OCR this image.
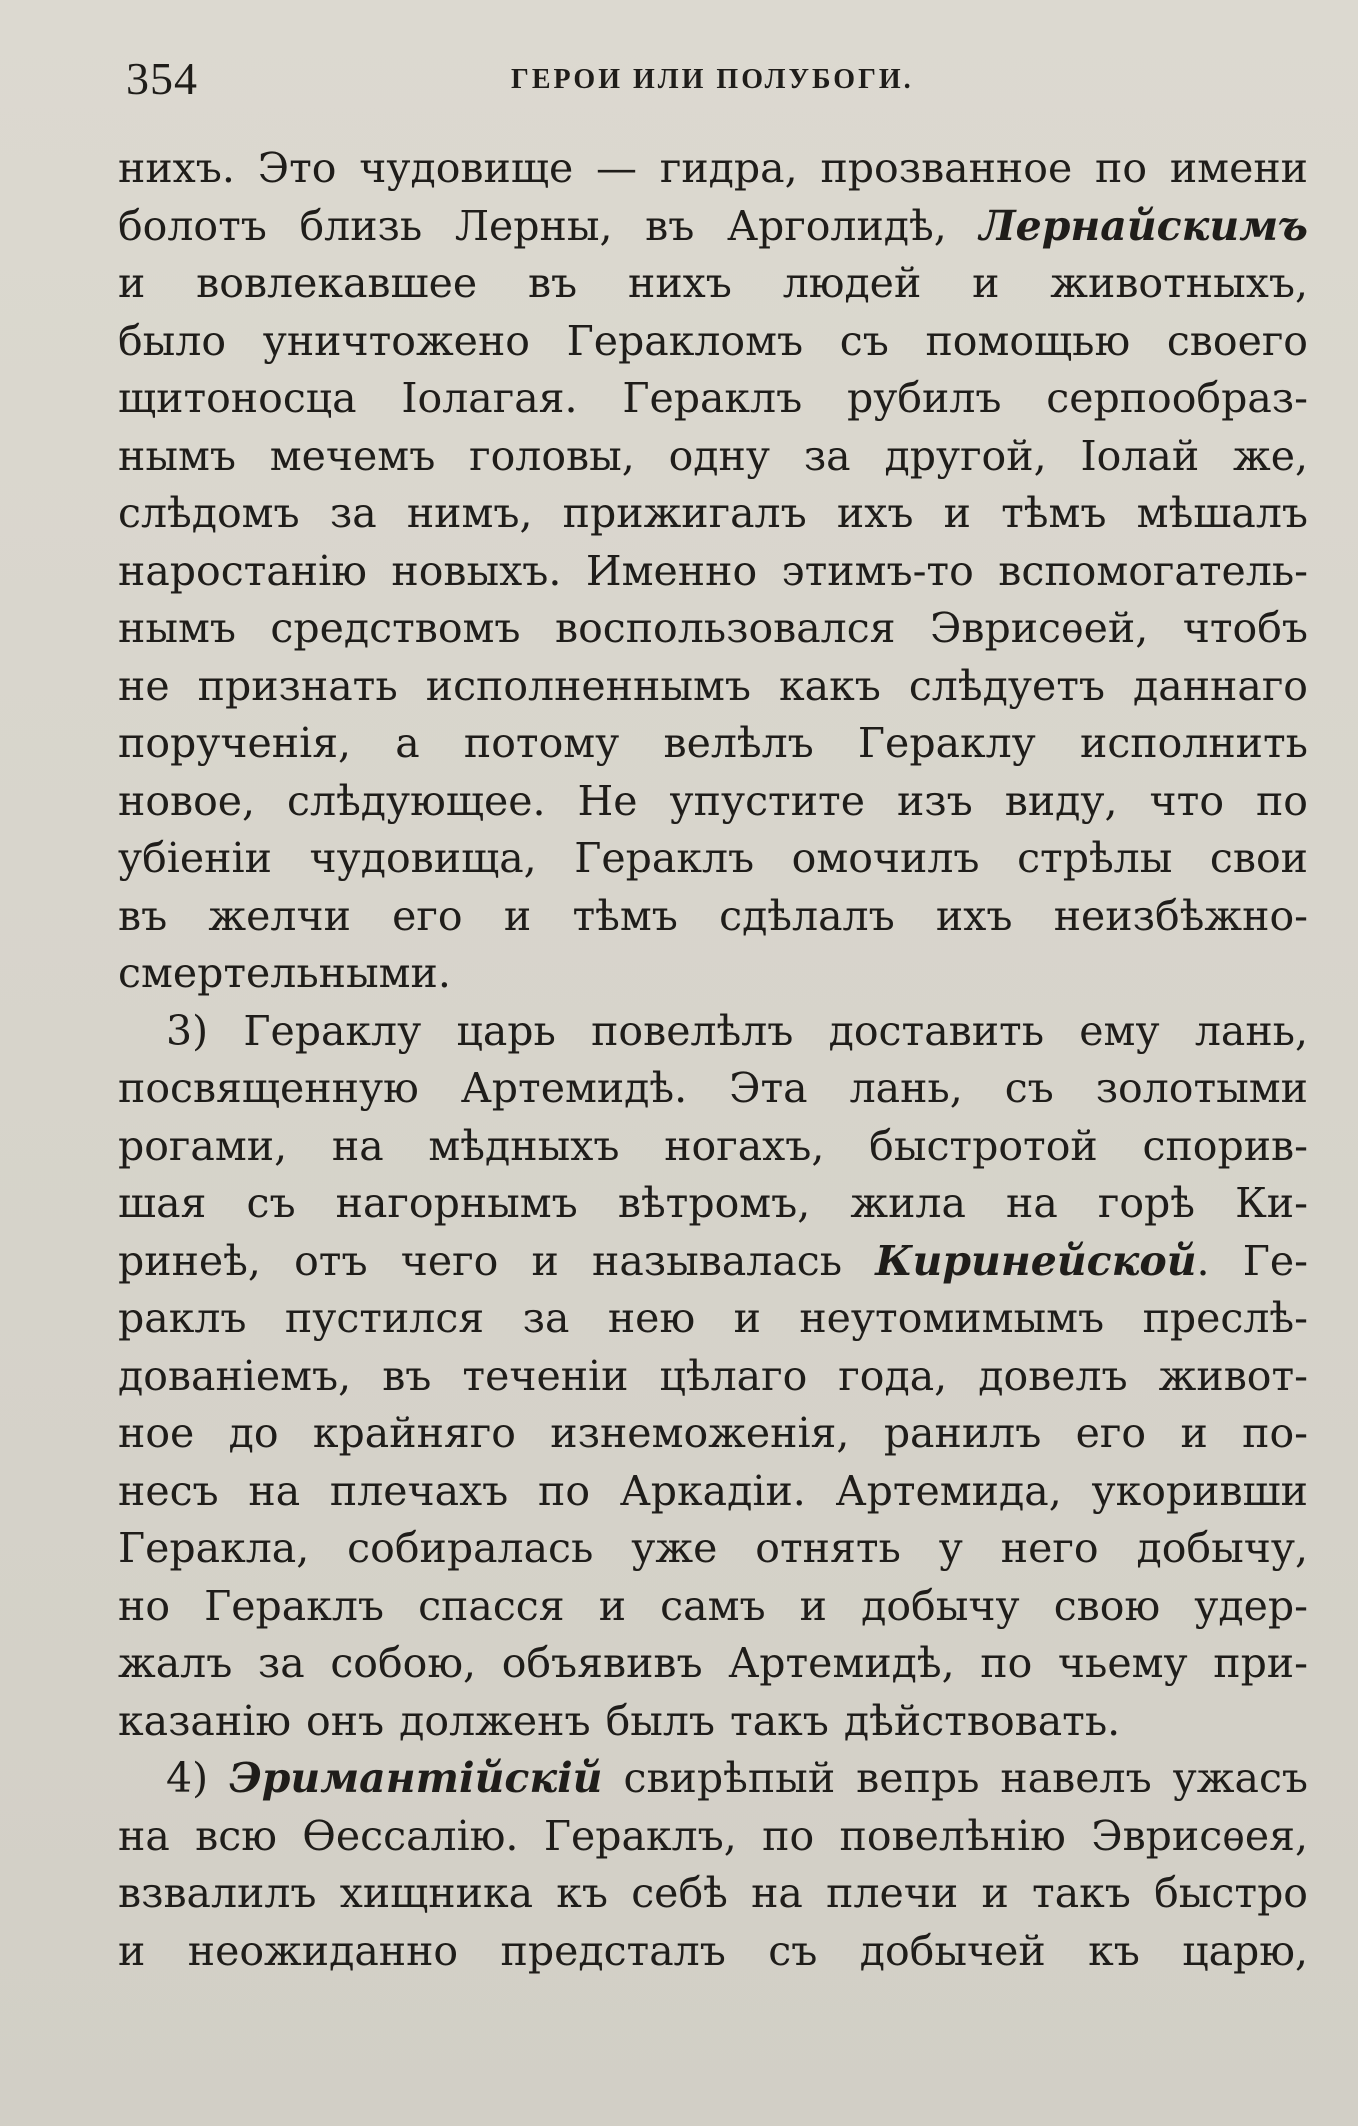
354	ГЕРОИ ИЛИ ПОЛУБОГИ.
нихъ. Это чудовище — гидра, прозванное по имени
болотъ близь Лерны, въ Арголидѣ, Лернайскимъ
и вовлекавшее въ нихъ людей и животныхъ,
было уничтожено Геракломъ съ помощью своего
щитоносца Іолагая. Гераклъ рубилъ серпообраз-
нымъ мечемъ головы, одну за другой, Іолай же,
слѣдомъ за нимъ, прижигалъ ихъ и тѣмъ мѣшалъ
наростанію новыхъ. Именно этимъ-то вспомогатель-
нымъ средствомъ воспользовался Эврисѳей, чтобъ
не признать исполненнымъ какъ слѣдуетъ даннаго
порученія, а потому велѣлъ Гераклу исполнить
новое, слѣдующее. Не упустите изъ виду, что по
убіеніи чудовища, Гераклъ омочилъ стрѣлы свои
въ желчи его и тѣмъ сдѣлалъ ихъ неизбѣжно-
смертельными.
3) Гераклу царь повелѣлъ доставить ему лань,
посвященную Артемидѣ. Эта лань, съ золотыми
рогами, на мѣдныхъ ногахъ, быстротой спорив-
шая съ нагорнымъ вѣтромъ, жила на горѣ Ки-
ринеѣ, отъ чего и называлась Киринейской. Ге-
раклъ пустился за нею и неутомимымъ преслѣ-
дованіемъ, въ теченіи цѣлаго года, довелъ живот-
ное до крайняго изнеможенія, ранилъ его и по-
несъ на плечахъ по Аркадіи. Артемида, укоривши
Геракла, собиралась уже отнять у него добычу,
но Гераклъ спасся и самъ и добычу свою удер-
жалъ за собою, объявивъ Артемидѣ, по чьему при-
казанію онъ долженъ былъ такъ дѣйствовать.
4) Эримантійскій свирѣпый вепрь навелъ ужасъ
на всю Ѳессалію. Гераклъ, по повелѣнію Эврисѳея,
взвалилъ хищника къ себѣ на плечи и такъ быстро
и неожиданно предсталъ съ добычей къ царю,
